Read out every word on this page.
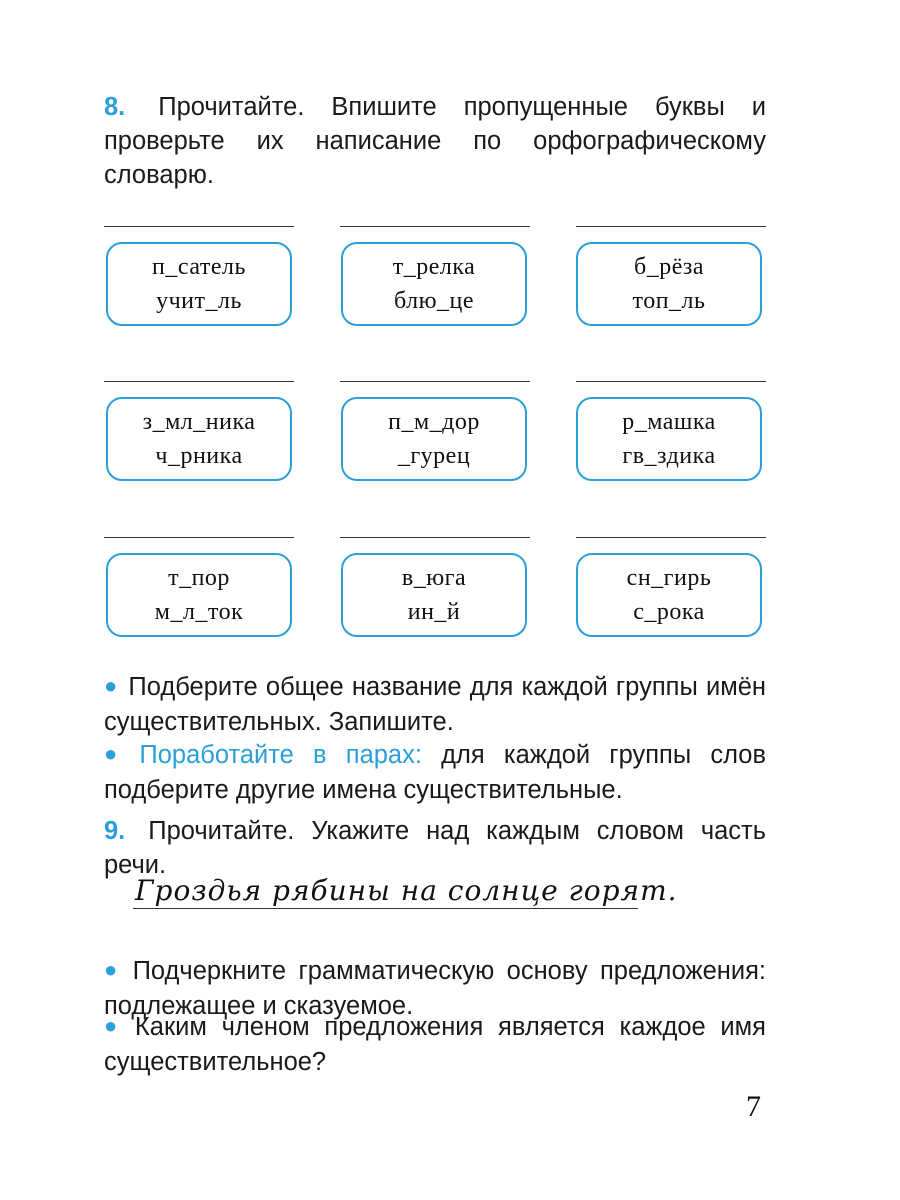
8. Прочитайте. Впишите пропущенные буквы и проверьте их написание по орфографическому словарю.

п_сатель
учит_ль
т_релка
блю_це
б_рёза
топ_ль
з_мл_ника
ч_рника
п_м_дор
_гурец
р_машка
гв_здика
т_пор
м_л_ток
в_юга
ин_й
сн_гирь
с_рока

● Подберите общее название для каждой группы имён существительных. Запишите.

● Поработайте в парах: для каждой группы слов подберите другие имена существительные.

9. Прочитайте. Укажите над каждым словом часть речи.

Гроздья рябины на солнце горят.

● Подчеркните грамматическую основу предложения: подлежащее и сказуемое.

● Каким членом предложения является каждое имя существительное?

7
